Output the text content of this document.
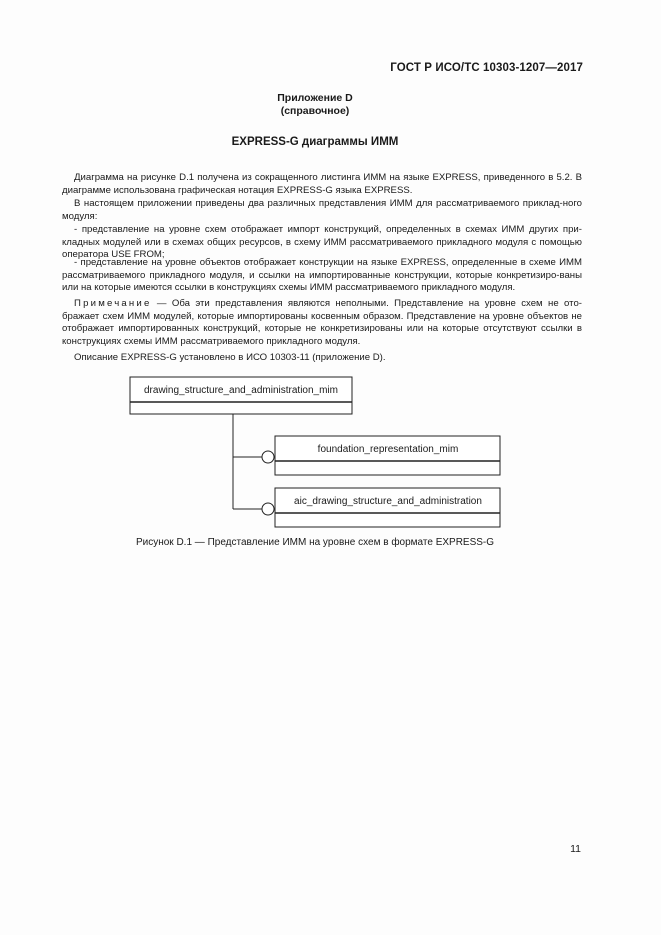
ГОСТ Р ИСО/ТС 10303-1207—2017
Приложение D
(справочное)
EXPRESS-G диаграммы ИММ
Диаграмма на рисунке D.1 получена из сокращенного листинга ИММ на языке EXPRESS, приведенного в 5.2. В диаграмме использована графическая нотация EXPRESS-G языка EXPRESS.
В настоящем приложении приведены два различных представления ИММ для рассматриваемого приклад-ного модуля:
- представление на уровне схем отображает импорт конструкций, определенных в схемах ИММ других при-кладных модулей или в схемах общих ресурсов, в схему ИММ рассматриваемого прикладного модуля с помощью оператора USE FROM;
- представление на уровне объектов отображает конструкции на языке EXPRESS, определенные в схеме ИММ рассматриваемого прикладного модуля, и ссылки на импортированные конструкции, которые конкретизиро-ваны или на которые имеются ссылки в конструкциях схемы ИММ рассматриваемого прикладного модуля.
Примечание — Оба эти представления являются неполными. Представление на уровне схем не ото-бражает схем ИММ модулей, которые импортированы косвенным образом. Представление на уровне объектов не отображает импортированных конструкций, которые не конкретизированы или на которые отсутствуют ссылки в конструкциях схемы ИММ рассматриваемого прикладного модуля.
Описание EXPRESS-G установлено в ИСО 10303-11 (приложение D).
drawing_structure_and_administration_mim
foundation_representation_mim
aic_drawing_structure_and_administration
Рисунок D.1 — Представление ИММ на уровне схем в формате EXPRESS-G
11
